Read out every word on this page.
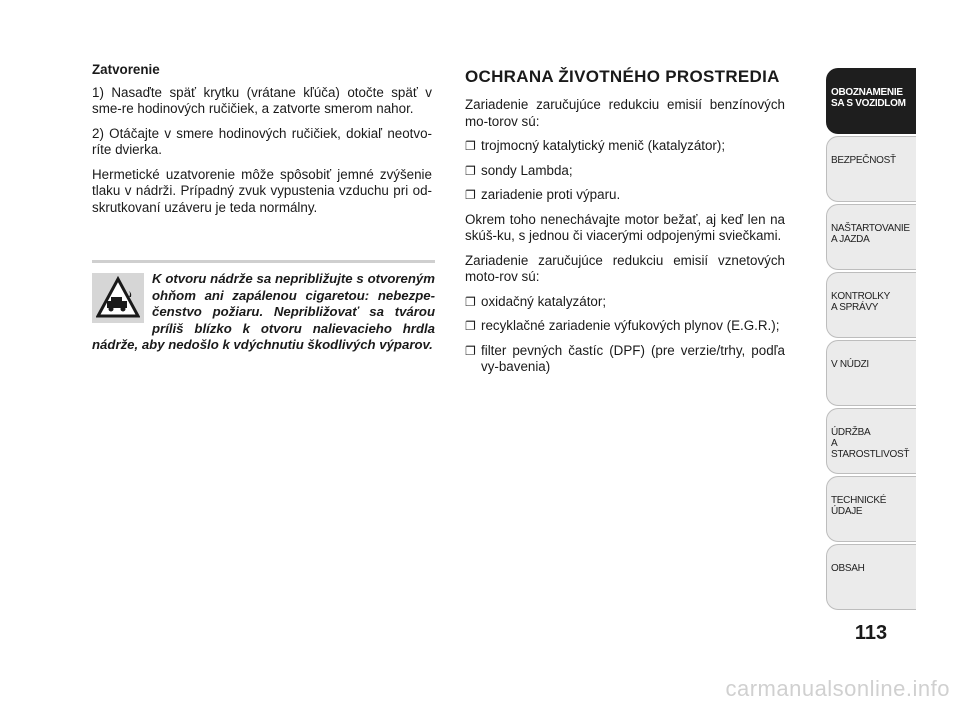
Zatvorenie

1) Nasaďte späť krytku (vrátane kľúča) otočte späť v sme-re hodinových ručičiek, a zatvorte smerom nahor.

2) Otáčajte v smere hodinových ručičiek, dokiaľ neotvo-ríte dvierka.

Hermetické uzatvorenie môže spôsobiť jemné zvýšenie tlaku v nádrži. Prípadný zvuk vypustenia vzduchu pri od-skrutkovaní uzáveru je teda normálny.

K otvoru nádrže sa nepribližujte s otvoreným ohňom ani zapálenou cigaretou: nebezpe-čenstvo požiaru. Nepribližovať sa tvárou príliš blízko k otvoru nalievacieho hrdla nádrže, aby nedošlo k vdýchnutiu škodlivých výparov.

OCHRANA ŽIVOTNÉHO PROSTREDIA

Zariadenie zaručujúce redukciu emisií benzínových mo-torov sú:

❐ trojmocný katalytický menič (katalyzátor);

❐ sondy Lambda;

❐ zariadenie proti výparu.

Okrem toho nenechávajte motor bežať, aj keď len na skúš-ku, s jednou či viacerými odpojenými sviečkami.

Zariadenie zaručujúce redukciu emisií vznetových moto-rov sú:

❐ oxidačný katalyzátor;

❐ recyklačné zariadenie výfukových plynov (E.G.R.);

❐ filter pevných častíc (DPF) (pre verzie/trhy, podľa vy-bavenia)

OBOZNAMENIE
SA S VOZIDLOM
BEZPEČNOSŤ
NAŠTARTOVANIE
A JAZDA
KONTROLKY
A SPRÁVY
V NÚDZI
ÚDRŽBA
A STAROSTLIVOSŤ
TECHNICKÉ
ÚDAJE
OBSAH
113
carmanualsonline.info
